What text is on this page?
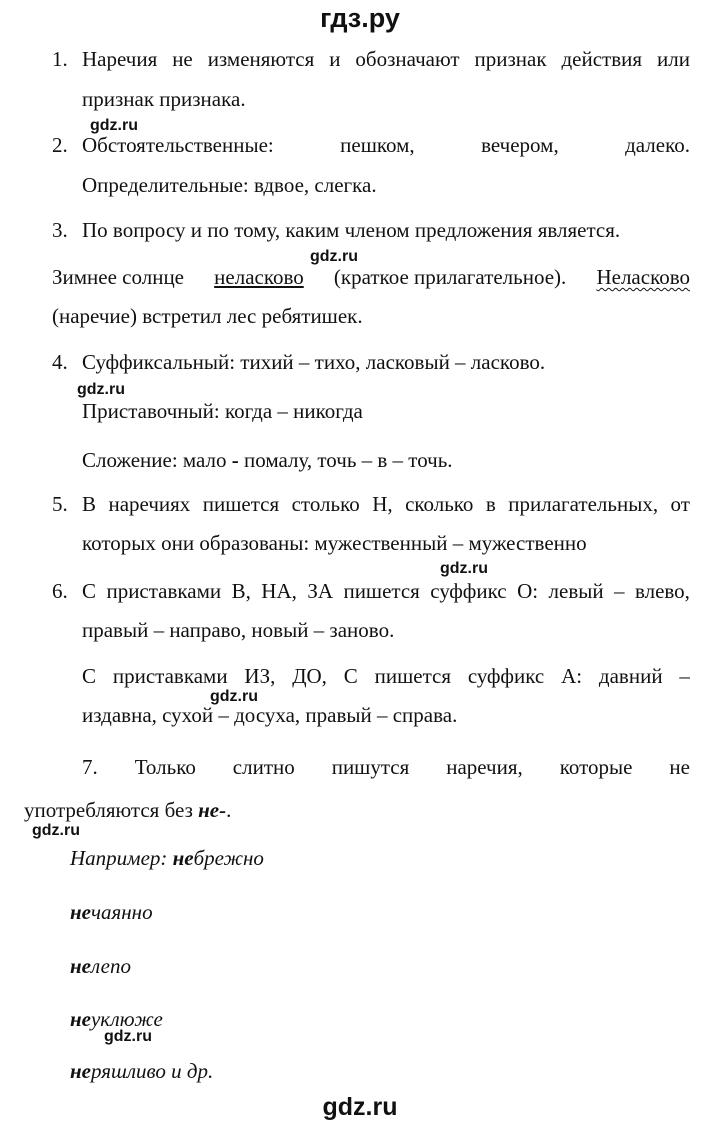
гдз.ру
1. Наречия не изменяются и обозначают признак действия или
признак признака.
gdz.ru
2. Обстоятельственные:	пешком,	вечером,	далеко.
Определительные: вдвое, слегка.
3. По вопросу и по тому, каким членом предложения является.
gdz.ru
Зимнее солнце неласково (краткое прилагательное). Неласково
(наречие) встретил лес ребятишек.
4. Суффиксальный: тихий – тихо, ласковый – ласково.
gdz.ru
Приставочный: когда – никогда
Сложение: мало - помалу, точь – в – точь.
5. В наречиях пишется столько Н, сколько в прилагательных, от
которых они образованы: мужественный – мужественно
gdz.ru
6. С приставками В, НА, ЗА пишется суффикс О: левый – влево,
правый – направо, новый – заново.
С приставками ИЗ, ДО, С пишется суффикс А: давний –
gdz.ru
издавна, сухой – досуха, правый – справа.
7. Только слитно пишутся наречия, которые не
употребляются без не-.
gdz.ru
Например: небрежно
нечаянно
нелепо
неуклюже
gdz.ru
неряшливо и др.
gdz.ru
